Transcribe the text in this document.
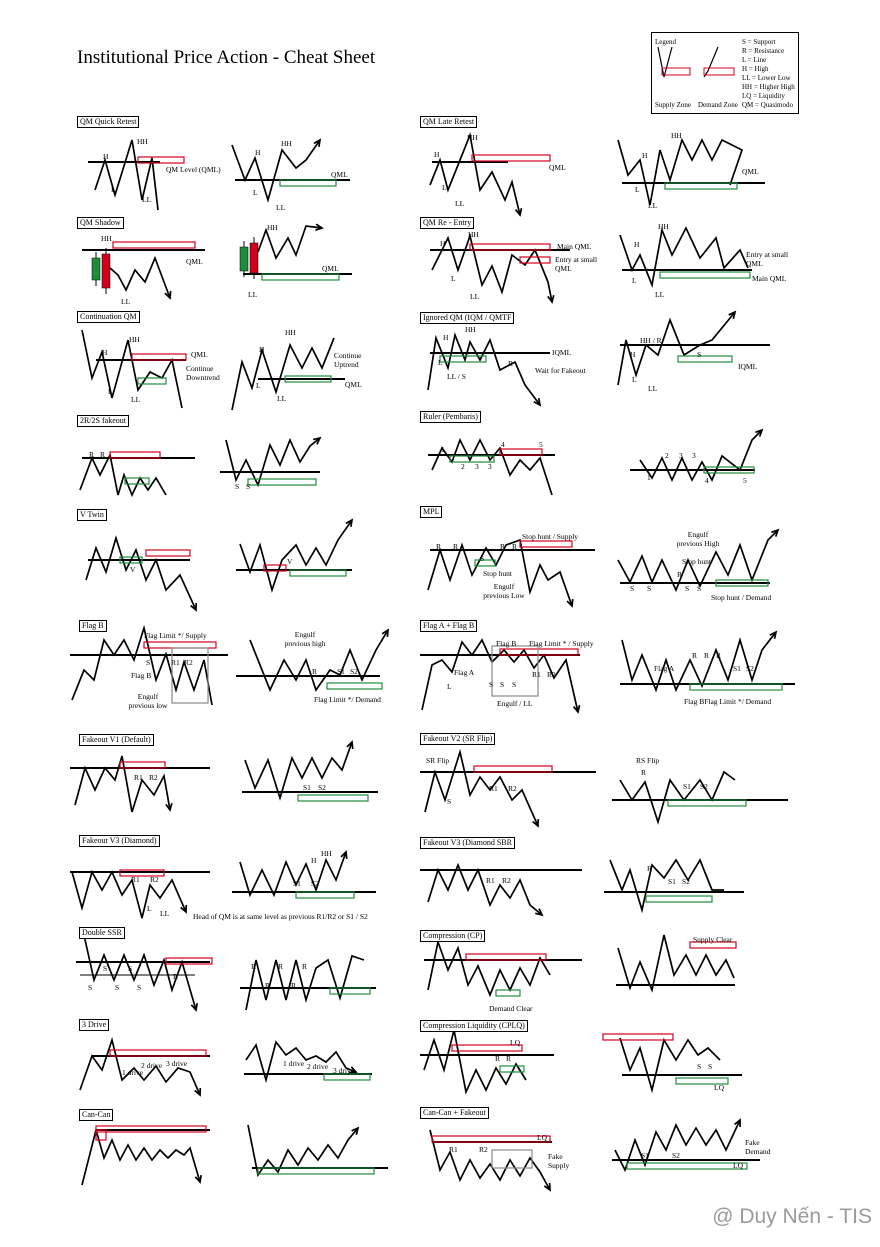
Institutional Price Action - Cheat Sheet
Legend
Supply Zone Demand Zone
S = Support
R = Resistance
L = Line
H = High
LL = Lower Low
HH = Higher High
LQ = Liquidity
QM = Quasimodo
QM Quick Retest	QM Late Retest
QM Shadow	QM Re - Entry
Continuation QM	Ignored QM (IQM / QMTF
2R/2S fakeout	Ruler (Pembaris)
V Twin	MPL
Flag B	Flag A + Flag B
Fakeout V1 (Default)	Fakeout V2 (SR Flip)
Fakeout V3 (Diamond)	Fakeout V3 (Diamond SBR
Double SSR	Compression (CP)
3 Drive	Compression Liquidity (CPLQ)
Can-Can	Can-Can + Fakeout
H
HH
L
LL
QM Level (QML)
H
HH
L
LL
QML
H
HH
L
LL
QML
H
HH
L
LL
QML
HH
QML
LL
HH
QML
LL
H
HH
L
LL
Main QML
Entry at small QML
HH
H
L
LL
Entry at small QML
Main QML
H
HH
L
LL
QML
Continue Downtrend
H
HH
L
LL
Continue Uptrend
QML
H
HH
L
LL / S
IQML
R
Wait for Fakeout
HH / R
H	S
L
LL
IQML
R R
S S
1
2 3 3
4	5
2 3 3
1	4	5
V
V
R R
S
R R
Stop hunt / Supply
Stop hunt
Engulf previous Low
Engulf previous High
Stop hunt
R
S S	S S
Stop hunt / Demand
Flag Limit */ Supply
S	R1 R2
Flag B
Engulf previous low
Engulf previous high
R	S1 S2
Flag Limit */ Demand
Flag B Flag Limit * / Supply
Flag A
L	S S S
R1 R2
Engulf / LL
Flag A
R R R
S1 S2
Flag BFlag Limit */ Demand
R1 R2
S1 S2
SR Flip
S
R1 R2
RS Flip
R
S1 S2
R1 R2
L
LL	Head of QM is at same level as previous R1/R2 or S1 / S2
H
HH
S1 S2	R1 R2
R
S1 S2
S	S
S	S S
R
R	R	R
R	R
Demand Clear
Supply Clear
1 drive
2 drive 3 drive	1 drive 2 drive 3 drive
LQ
R R
S S
LQ
R1	R2
LQ
Fake Supply
S1	S2
Fake Demand
LQ
@ Duy Nến - TIS
